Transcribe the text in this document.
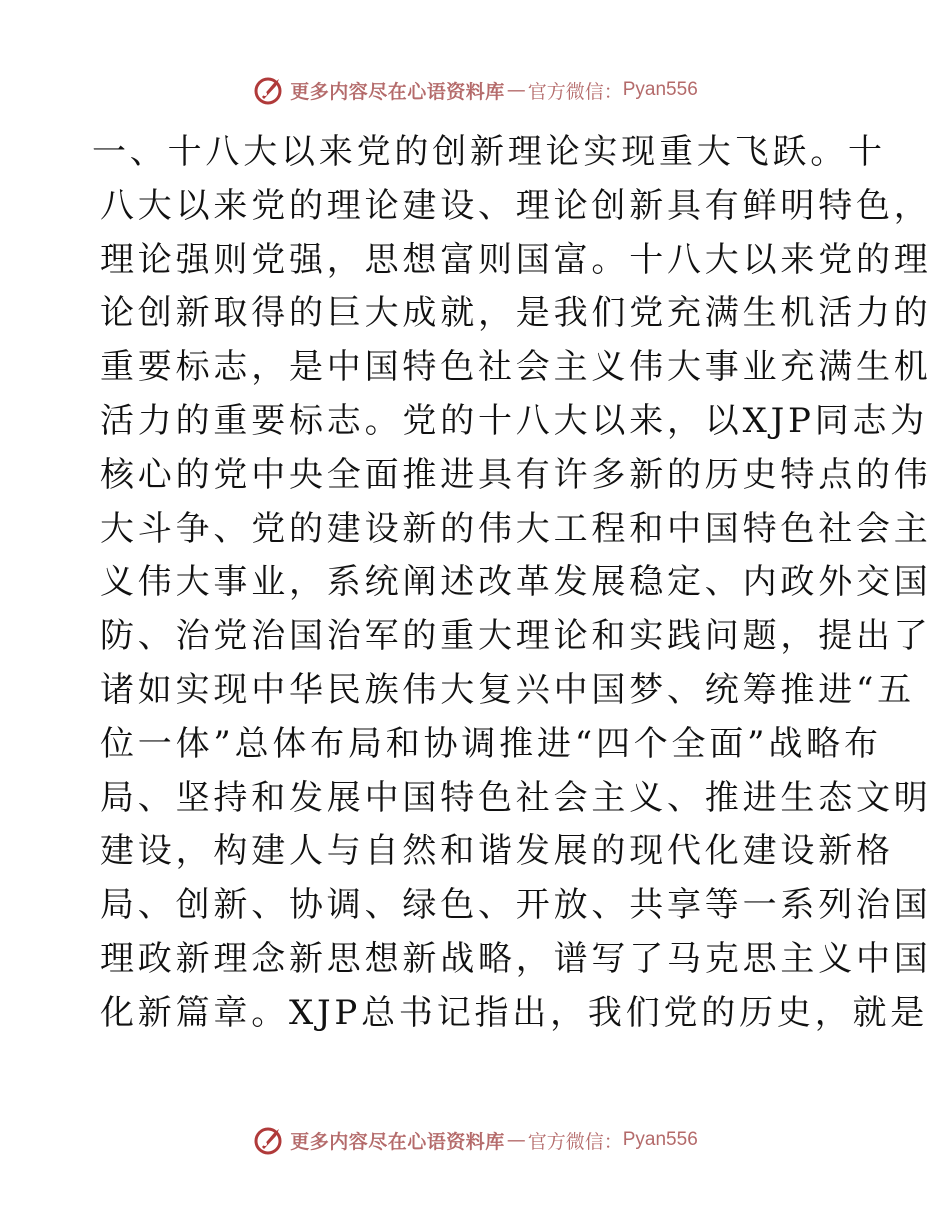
更多内容尽在心语资料库 — 官方微信： Pyan556
一、十八大以来党的创新理论实现重大飞跃。十
八大以来党的理论建设、理论创新具有鲜明特色，
理论强则党强，思想富则国富。十八大以来党的理
论创新取得的巨大成就，是我们党充满生机活力的
重要标志，是中国特色社会主义伟大事业充满生机
活力的重要标志。党的十八大以来，以XJP同志为
核心的党中央全面推进具有许多新的历史特点的伟
大斗争、党的建设新的伟大工程和中国特色社会主
义伟大事业，系统阐述改革发展稳定、内政外交国
防、治党治国治军的重大理论和实践问题，提出了
诸如实现中华民族伟大复兴中国梦、统筹推进“五
位一体”总体布局和协调推进“四个全面”战略布
局、坚持和发展中国特色社会主义、推进生态文明
建设，构建人与自然和谐发展的现代化建设新格
局、创新、协调、绿色、开放、共享等一系列治国
理政新理念新思想新战略，谱写了马克思主义中国
化新篇章。XJP总书记指出，我们党的历史，就是
更多内容尽在心语资料库 — 官方微信： Pyan556
